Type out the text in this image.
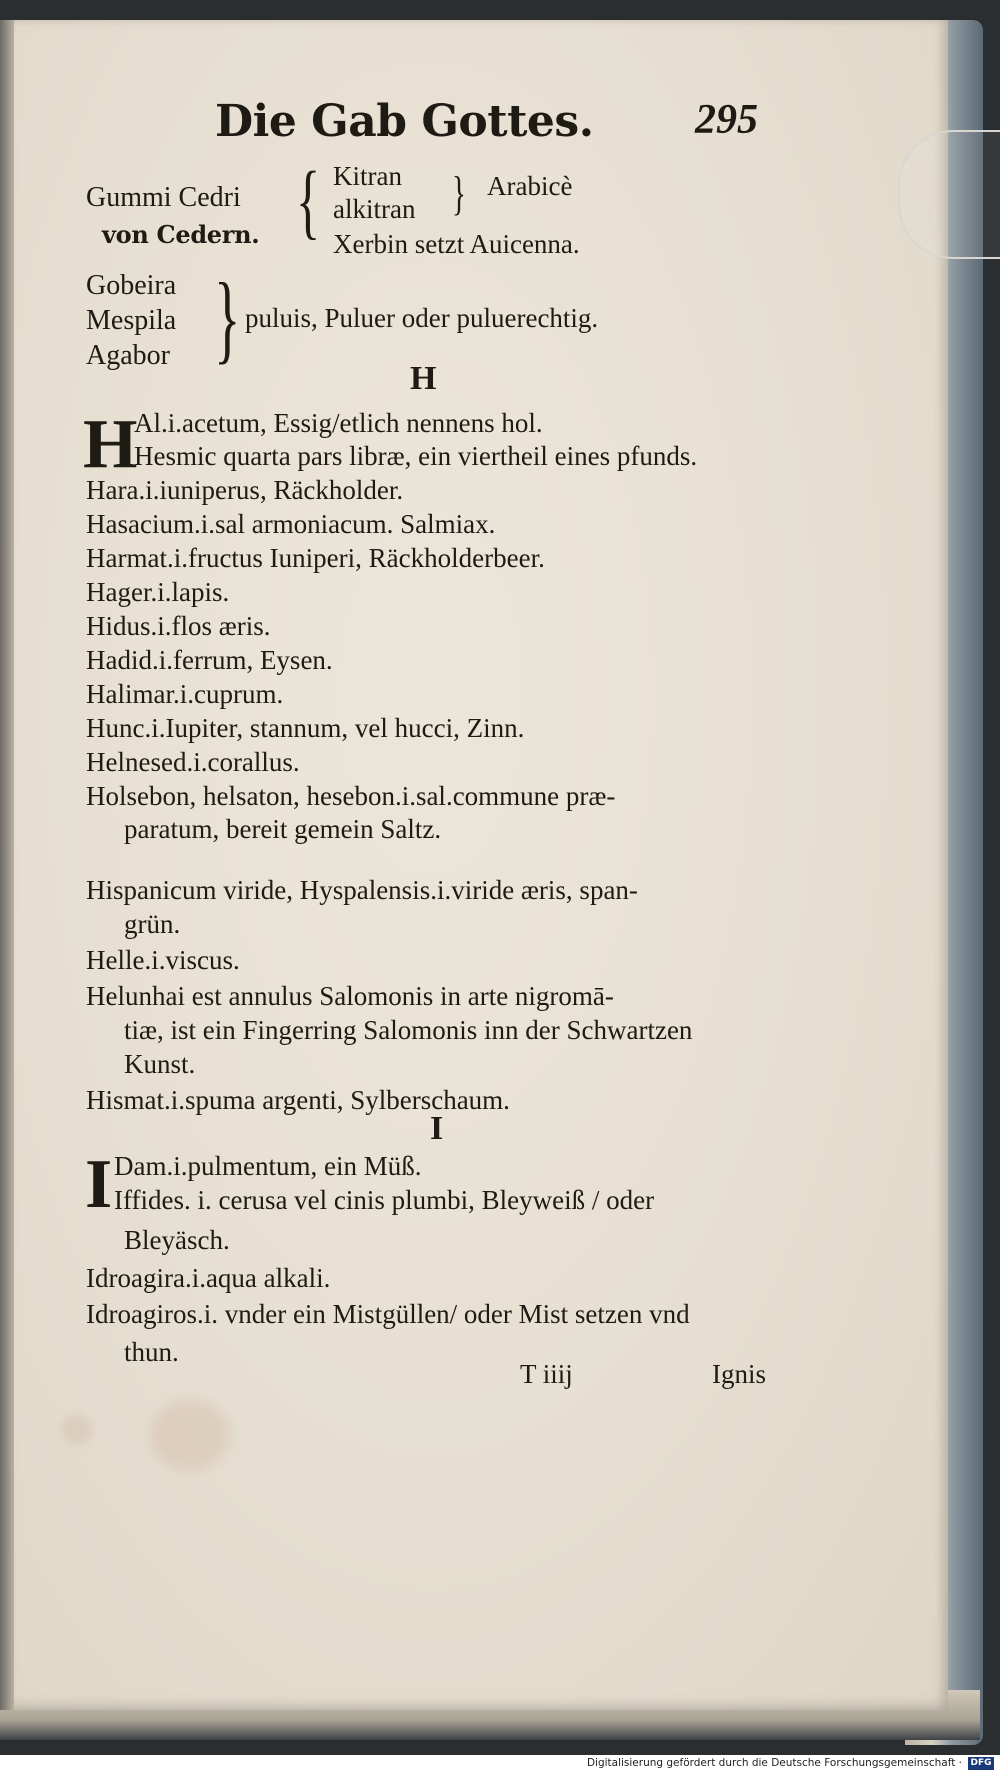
Die Gab Gottes. 295
Gummi Cedri
von Cedern. { Kitran
alkitran } Arabicè
Xerbin setzt Auicenna.
Gobeira
Mespila
Agabor } puluis, Puluer oder puluerechtig.
H
H
Al.i.acetum, Essig/etlich nennens hol.
Hesmic quarta pars libræ, ein viertheil eines pfunds.
Hara.i.iuniperus, Räckholder.
Hasacium.i.sal armoniacum. Salmiax.
Harmat.i.fructus Iuniperi, Räckholderbeer.
Hager.i.lapis.
Hidus.i.flos æris.
Hadid.i.ferrum, Eysen.
Halimar.i.cuprum.
Hunc.i.Iupiter, stannum, vel hucci, Zinn.
Helnesed.i.corallus.
Holsebon, helsaton, hesebon.i.sal.commune præ-
paratum, bereit gemein Saltz.
Hispanicum viride, Hyspalensis.i.viride æris, span-
grün.
Helle.i.viscus.
Helunhai est annulus Salomonis in arte nigromā-
tiæ, ist ein Fingerring Salomonis inn der Schwartzen
Kunst.
Hismat.i.spuma argenti, Sylberschaum.
I
I Dam.i.pulmentum, ein Müß.
Iffides. i. cerusa vel cinis plumbi, Bleyweiß / oder
Bleyäsch.
Idroagira.i.aqua alkali.
Idroagiros.i. vnder ein Mistgüllen/ oder Mist setzen vnd
thun.
T iiij	Ignis
Digitalisierung gefördert durch die Deutsche Forschungsgemeinschaft · DFG
